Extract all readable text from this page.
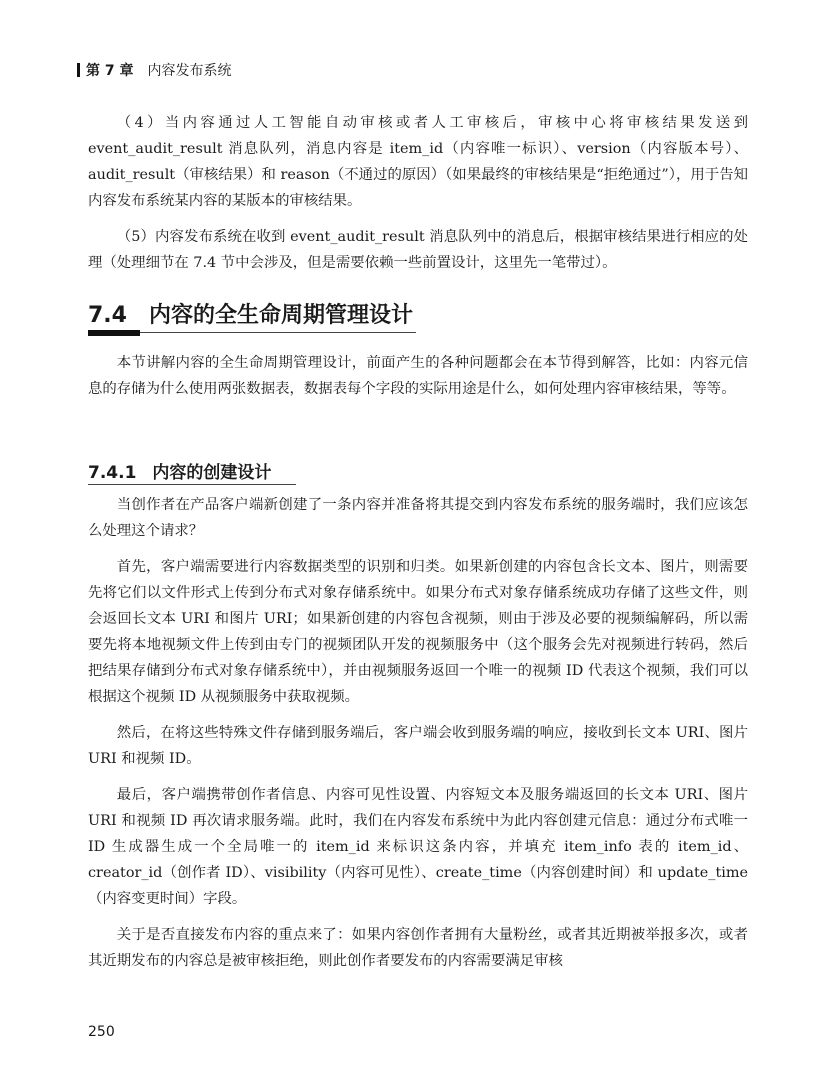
第 7 章 内容发布系统

（4）当内容通过人工智能自动审核或者人工审核后，审核中心将审核结果发送到 event_audit_result 消息队列，消息内容是 item_id（内容唯一标识）、version（内容版本号）、audit_result（审核结果）和 reason（不通过的原因）（如果最终的审核结果是“拒绝通过”），用于告知内容发布系统某内容的某版本的审核结果。

（5）内容发布系统在收到 event_audit_result 消息队列中的消息后，根据审核结果进行相应的处理（处理细节在 7.4 节中会涉及，但是需要依赖一些前置设计，这里先一笔带过）。

7.4 内容的全生命周期管理设计

本节讲解内容的全生命周期管理设计，前面产生的各种问题都会在本节得到解答，比如：内容元信息的存储为什么使用两张数据表，数据表每个字段的实际用途是什么，如何处理内容审核结果，等等。

7.4.1 内容的创建设计

当创作者在产品客户端新创建了一条内容并准备将其提交到内容发布系统的服务端时，我们应该怎么处理这个请求？

首先，客户端需要进行内容数据类型的识别和归类。如果新创建的内容包含长文本、图片，则需要先将它们以文件形式上传到分布式对象存储系统中。如果分布式对象存储系统成功存储了这些文件，则会返回长文本 URI 和图片 URI；如果新创建的内容包含视频，则由于涉及必要的视频编解码，所以需要先将本地视频文件上传到由专门的视频团队开发的视频服务中（这个服务会先对视频进行转码，然后把结果存储到分布式对象存储系统中），并由视频服务返回一个唯一的视频 ID 代表这个视频，我们可以根据这个视频 ID 从视频服务中获取视频。

然后，在将这些特殊文件存储到服务端后，客户端会收到服务端的响应，接收到长文本 URI、图片 URI 和视频 ID。

最后，客户端携带创作者信息、内容可见性设置、内容短文本及服务端返回的长文本 URI、图片 URI 和视频 ID 再次请求服务端。此时，我们在内容发布系统中为此内容创建元信息：通过分布式唯一 ID 生成器生成一个全局唯一的 item_id 来标识这条内容，并填充 item_info 表的 item_id、creator_id（创作者 ID）、visibility（内容可见性）、create_time（内容创建时间）和 update_time（内容变更时间）字段。

关于是否直接发布内容的重点来了：如果内容创作者拥有大量粉丝，或者其近期被举报多次，或者其近期发布的内容总是被审核拒绝，则此创作者要发布的内容需要满足审核

250
